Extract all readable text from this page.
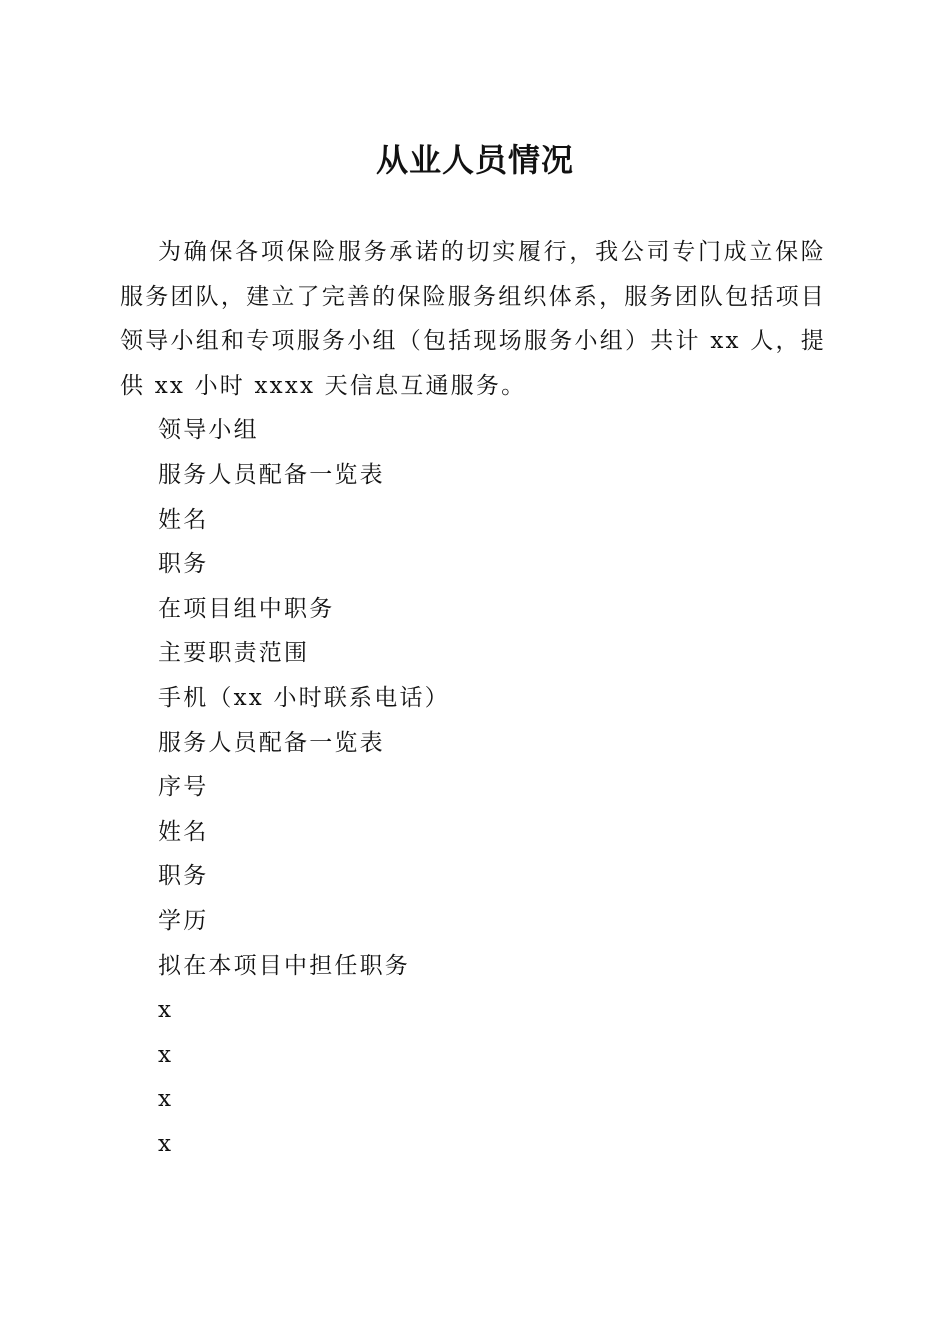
从业人员情况

为确保各项保险服务承诺的切实履行，我公司专门成立保险服务团队，建立了完善的保险服务组织体系，服务团队包括项目领导小组和专项服务小组（包括现场服务小组）共计 xx 人，提供 xx 小时 xxxx 天信息互通服务。

领导小组

服务人员配备一览表

姓名

职务

在项目组中职务

主要职责范围

手机（xx 小时联系电话）

服务人员配备一览表

序号

姓名

职务

学历

拟在本项目中担任职务

x

x

x

x
